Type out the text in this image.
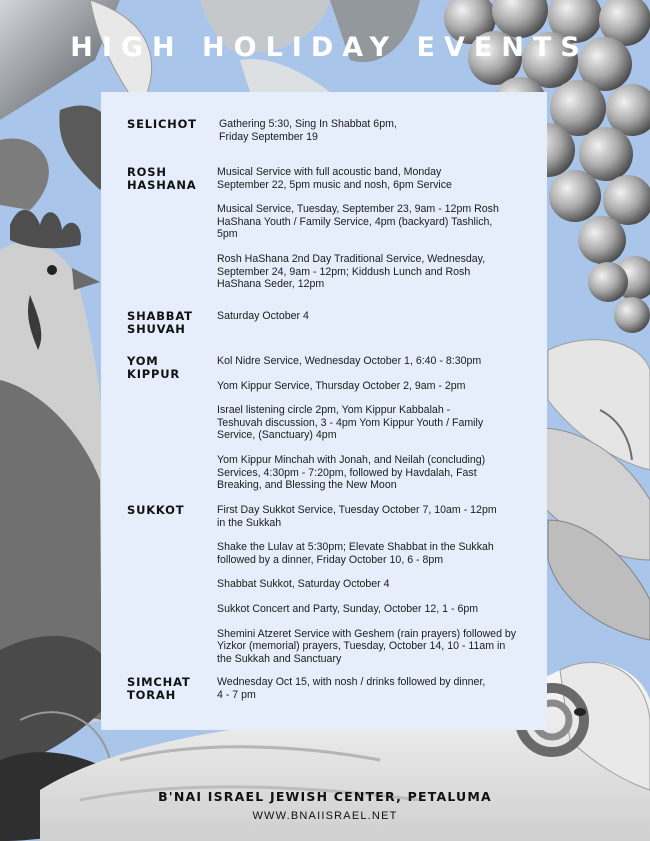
HIGH HOLIDAY EVENTS
SELICHOT	Gathering 5:30, Sing In Shabbat 6pm, Friday September 19
ROSH
HASHANA
Musical Service with full acoustic band, Monday September 22, 5pm music and nosh, 6pm Service
Musical Service, Tuesday, September 23, 9am - 12pm Rosh HaShana Youth / Family Service, 4pm (backyard) Tashlich, 5pm
Rosh HaShana 2nd Day Traditional Service, Wednesday, September 24, 9am - 12pm; Kiddush Lunch and Rosh HaShana Seder, 12pm
SHABBAT
SHUVAH
Saturday October 4
YOM
KIPPUR
Kol Nidre Service, Wednesday October 1, 6:40 - 8:30pm
Yom Kippur Service, Thursday October 2, 9am - 2pm
Israel listening circle 2pm, Yom Kippur Kabbalah - Teshuvah discussion, 3 - 4pm Yom Kippur Youth / Family Service, (Sanctuary) 4pm
Yom Kippur Minchah with Jonah, and Neilah (concluding) Services, 4:30pm - 7:20pm, followed by Havdalah, Fast Breaking, and Blessing the New Moon
SUKKOT	First Day Sukkot Service, Tuesday October 7, 10am - 12pm in the Sukkah
Shake the Lulav at 5:30pm; Elevate Shabbat in the Sukkah followed by a dinner, Friday October 10, 6 - 8pm
Shabbat Sukkot, Saturday October 4
Sukkot Concert and Party, Sunday, October 12, 1 - 6pm
Shemini Atzeret Service with Geshem (rain prayers) followed by Yizkor (memorial) prayers, Tuesday, October 14, 10 - 11am in the Sukkah and Sanctuary
SIMCHAT
TORAH
Wednesday Oct 15, with nosh / drinks followed by dinner, 4 - 7 pm
B'NAI ISRAEL JEWISH CENTER, PETALUMA
WWW.BNAIISRAEL.NET
